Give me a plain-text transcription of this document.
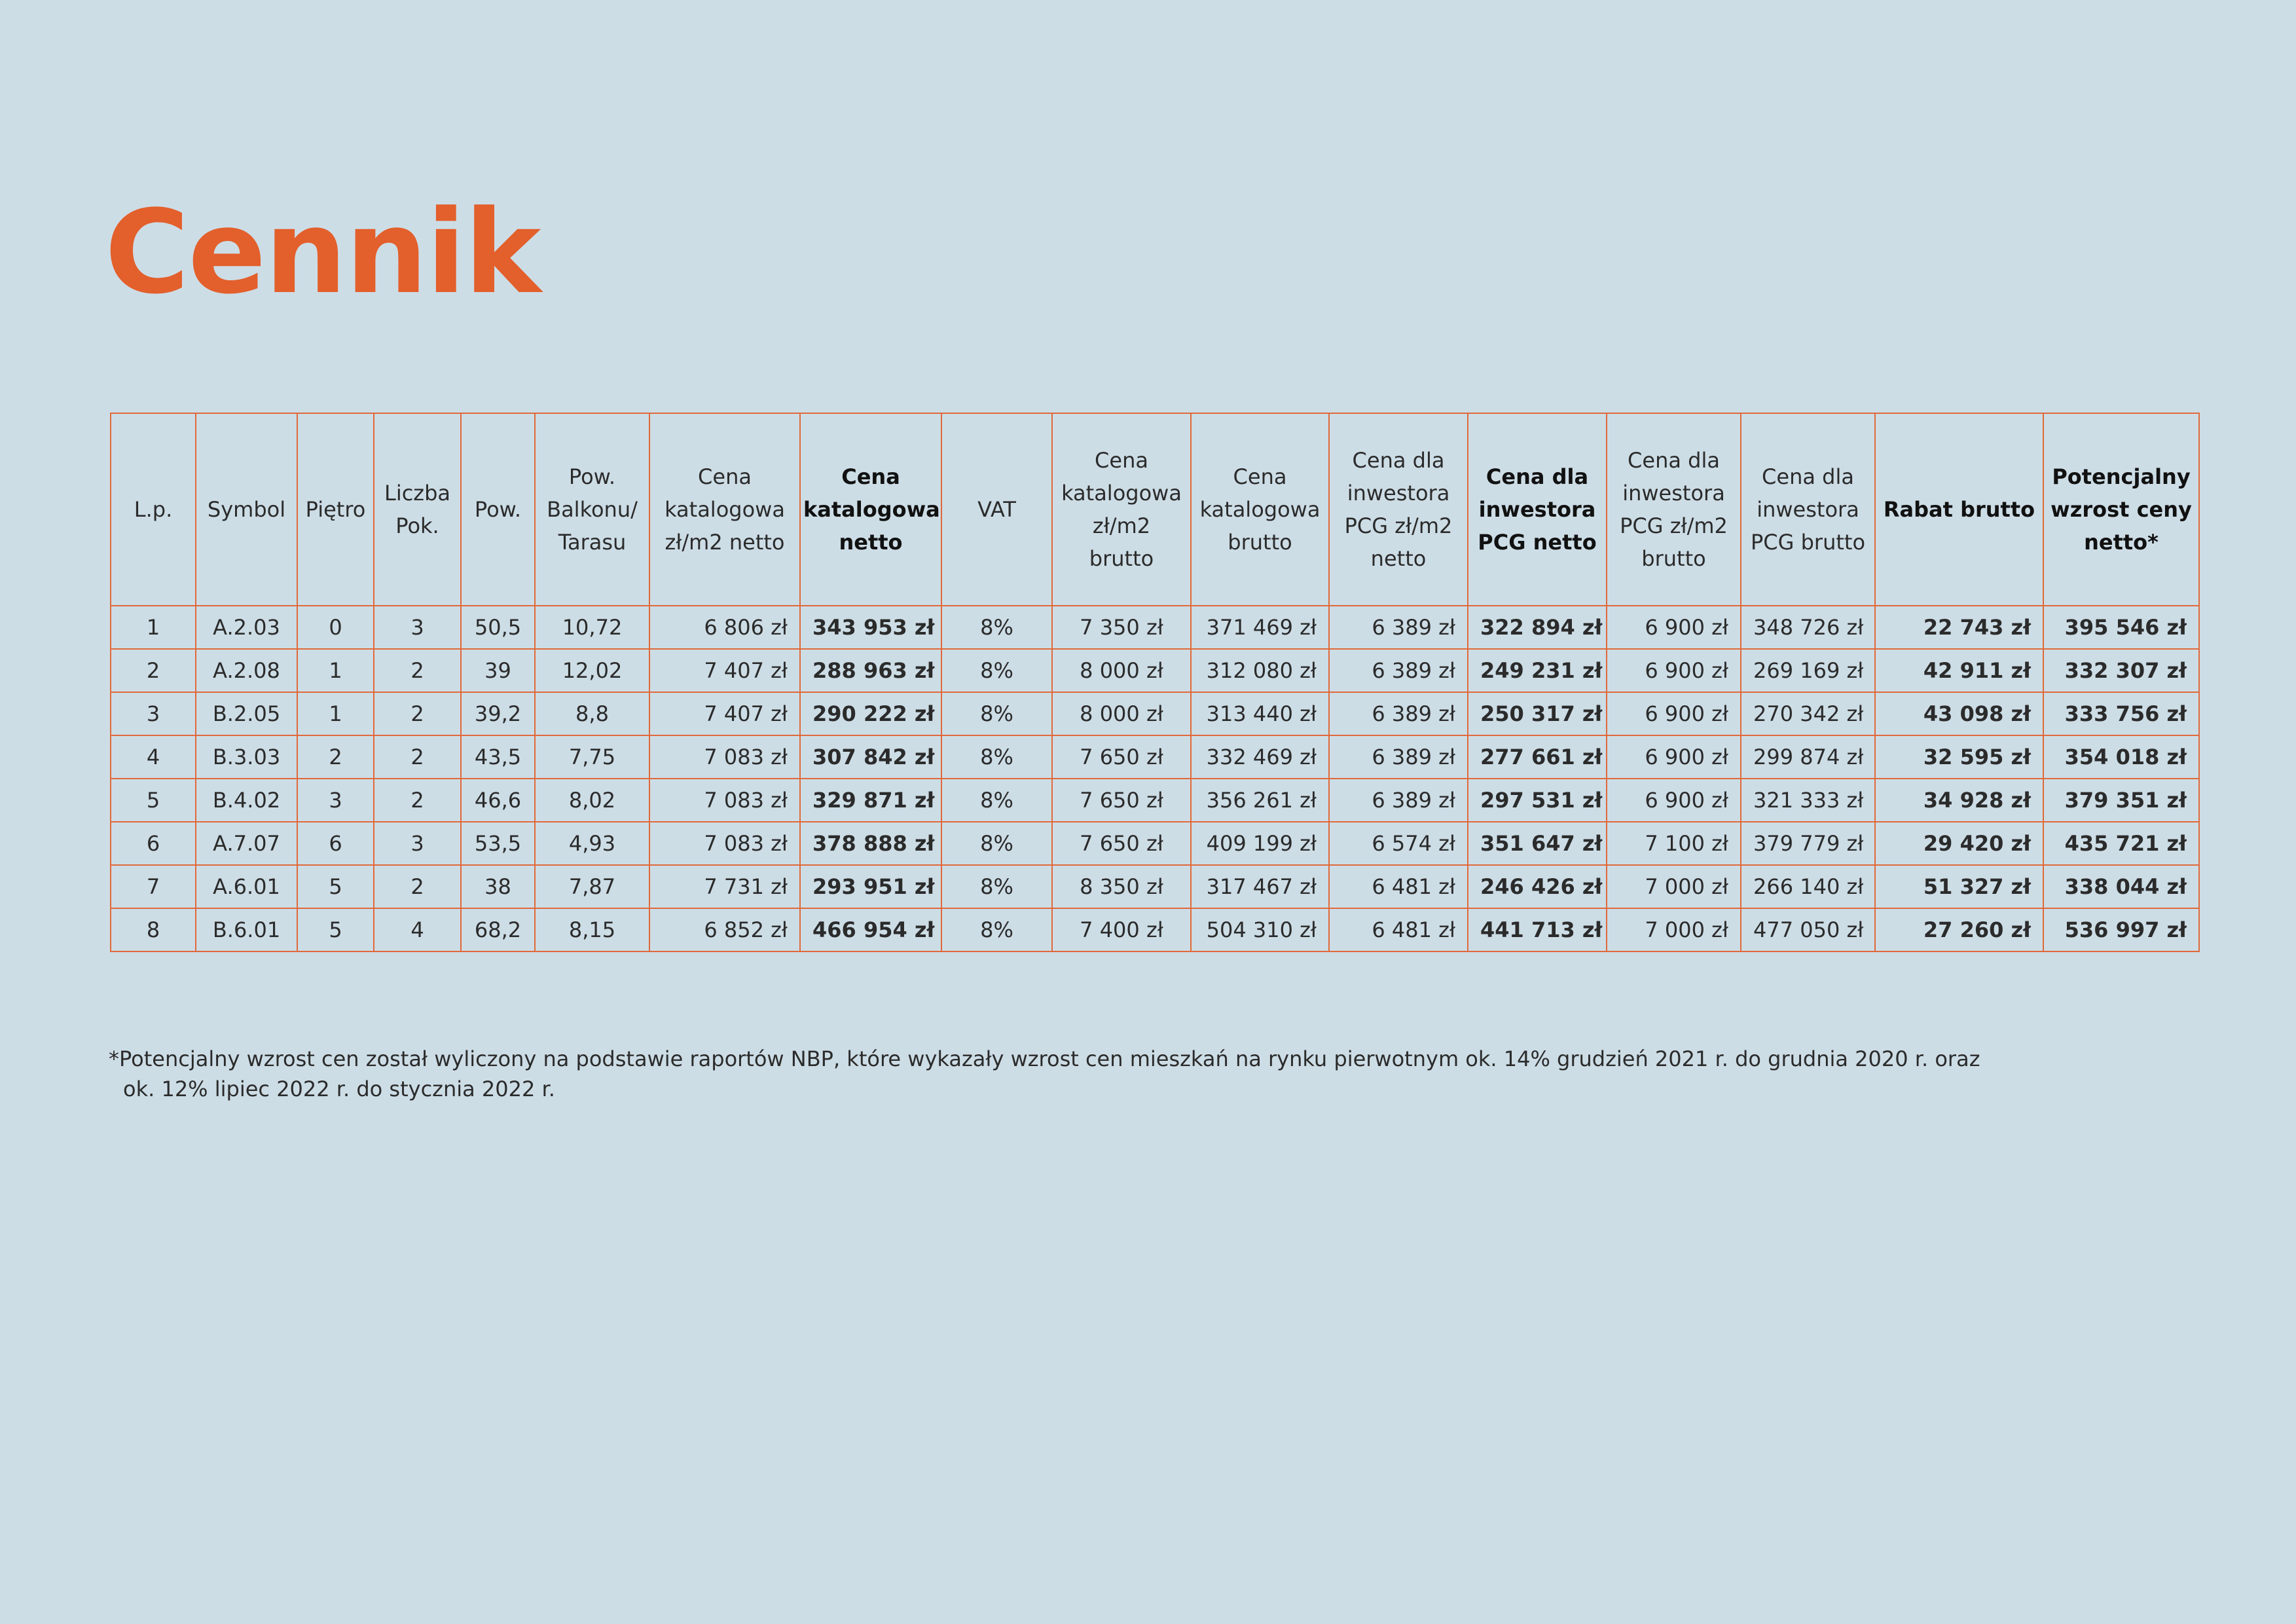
Cennik
L.p.	Symbol	Piętro	Liczba
Pok.	Pow.	Pow.
Balkonu/
Tarasu	Cena
katalogowa
zł/m2 netto	Cena
katalogowa
netto	VAT	Cena
katalogowa
zł/m2
brutto	Cena
katalogowa
brutto	Cena dla
inwestora
PCG zł/m2
netto	Cena dla
inwestora
PCG netto	Cena dla
inwestora
PCG zł/m2
brutto	Cena dla
inwestora
PCG brutto	Rabat brutto	Potencjalny
wzrost ceny
netto*
1	A.2.03	0	3	50,5	10,72	6 806 zł	343 953 zł	8%	7 350 zł	371 469 zł	6 389 zł	322 894 zł	6 900 zł	348 726 zł	22 743 zł	395 546 zł
2	A.2.08	1	2	39	12,02	7 407 zł	288 963 zł	8%	8 000 zł	312 080 zł	6 389 zł	249 231 zł	6 900 zł	269 169 zł	42 911 zł	332 307 zł
3	B.2.05	1	2	39,2	8,8	7 407 zł	290 222 zł	8%	8 000 zł	313 440 zł	6 389 zł	250 317 zł	6 900 zł	270 342 zł	43 098 zł	333 756 zł
4	B.3.03	2	2	43,5	7,75	7 083 zł	307 842 zł	8%	7 650 zł	332 469 zł	6 389 zł	277 661 zł	6 900 zł	299 874 zł	32 595 zł	354 018 zł
5	B.4.02	3	2	46,6	8,02	7 083 zł	329 871 zł	8%	7 650 zł	356 261 zł	6 389 zł	297 531 zł	6 900 zł	321 333 zł	34 928 zł	379 351 zł
6	A.7.07	6	3	53,5	4,93	7 083 zł	378 888 zł	8%	7 650 zł	409 199 zł	6 574 zł	351 647 zł	7 100 zł	379 779 zł	29 420 zł	435 721 zł
7	A.6.01	5	2	38	7,87	7 731 zł	293 951 zł	8%	8 350 zł	317 467 zł	6 481 zł	246 426 zł	7 000 zł	266 140 zł	51 327 zł	338 044 zł
8	B.6.01	5	4	68,2	8,15	6 852 zł	466 954 zł	8%	7 400 zł	504 310 zł	6 481 zł	441 713 zł	7 000 zł	477 050 zł	27 260 zł	536 997 zł
*Potencjalny wzrost cen został wyliczony na podstawie raportów NBP, które wykazały wzrost cen mieszkań na rynku pierwotnym ok. 14% grudzień 2021 r. do grudnia 2020 r. oraz
ok. 12% lipiec 2022 r. do stycznia 2022 r.
